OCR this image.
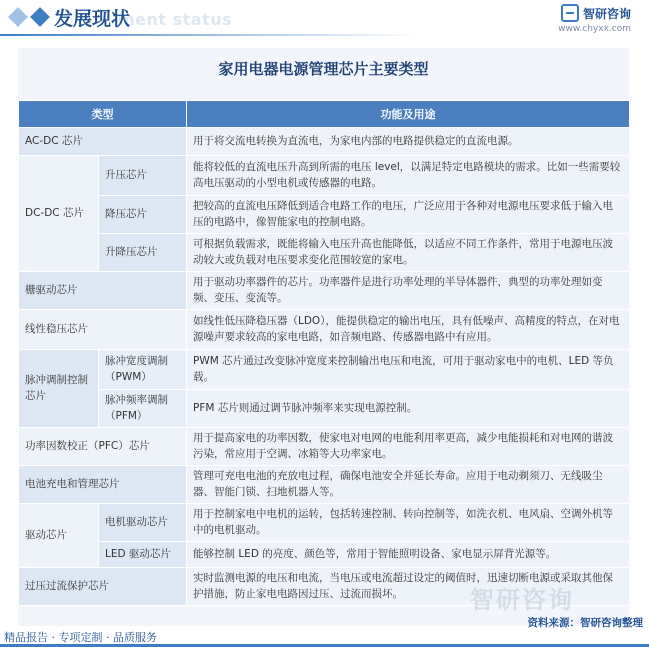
ment status
发展现状	智研咨询
www.chyxx.com
家用电器电源管理芯片主要类型
类型		功能及用途
AC-DC 芯片		用于将交流电转换为直流电，为家电内部的电路提供稳定的直流电源。
DC-DC 芯片	升压芯片	能将较低的直流电压升高到所需的电压 level，以满足特定电路模块的需求。比如一些需要较高电压驱动的小型电机或传感器的电路。
	降压芯片	把较高的直流电压降低到适合电路工作的电压，广泛应用于各种对电源电压要求低于输入电压的电路中，像智能家电的控制电路。
	升降压芯片	可根据负载需求，既能将输入电压升高也能降低，以适应不同工作条件，常用于电源电压波动较大或负载对电压要求变化范围较宽的家电。
栅驱动芯片		用于驱动功率器件的芯片。功率器件是进行功率处理的半导体器件，典型的功率处理如变频、变压、变流等。
线性稳压芯片		如线性低压降稳压器（LDO），能提供稳定的输出电压，具有低噪声、高精度的特点，在对电源噪声要求较高的家电电路，如音频电路、传感器电路中有应用。
脉冲调制控制芯片	脉冲宽度调制（PWM）	PWM 芯片通过改变脉冲宽度来控制输出电压和电流，可用于驱动家电中的电机、LED 等负载。
	脉冲频率调制（PFM）	PFM 芯片则通过调节脉冲频率来实现电源控制。
功率因数校正（PFC）芯片		用于提高家电的功率因数，使家电对电网的电能利用率更高，减少电能损耗和对电网的谐波污染，常应用于空调、冰箱等大功率家电。
电池充电和管理芯片		管理可充电电池的充放电过程，确保电池安全并延长寿命。应用于电动剃须刀、无线吸尘器、智能门锁、扫地机器人等。
驱动芯片	电机驱动芯片	用于控制家电中电机的运转，包括转速控制、转向控制等，如洗衣机、电风扇、空调外机等中的电机驱动。
	LED 驱动芯片	能够控制 LED 的亮度、颜色等，常用于智能照明设备、家电显示屏背光源等。
过压过流保护芯片		实时监测电源的电压和电流，当电压或电流超过设定的阈值时，迅速切断电源或采取其他保护措施，防止家电电路因过压、过流而损坏。	智研咨询
资料来源：智研咨询整理
精品报告 · 专项定制 · 品质服务
